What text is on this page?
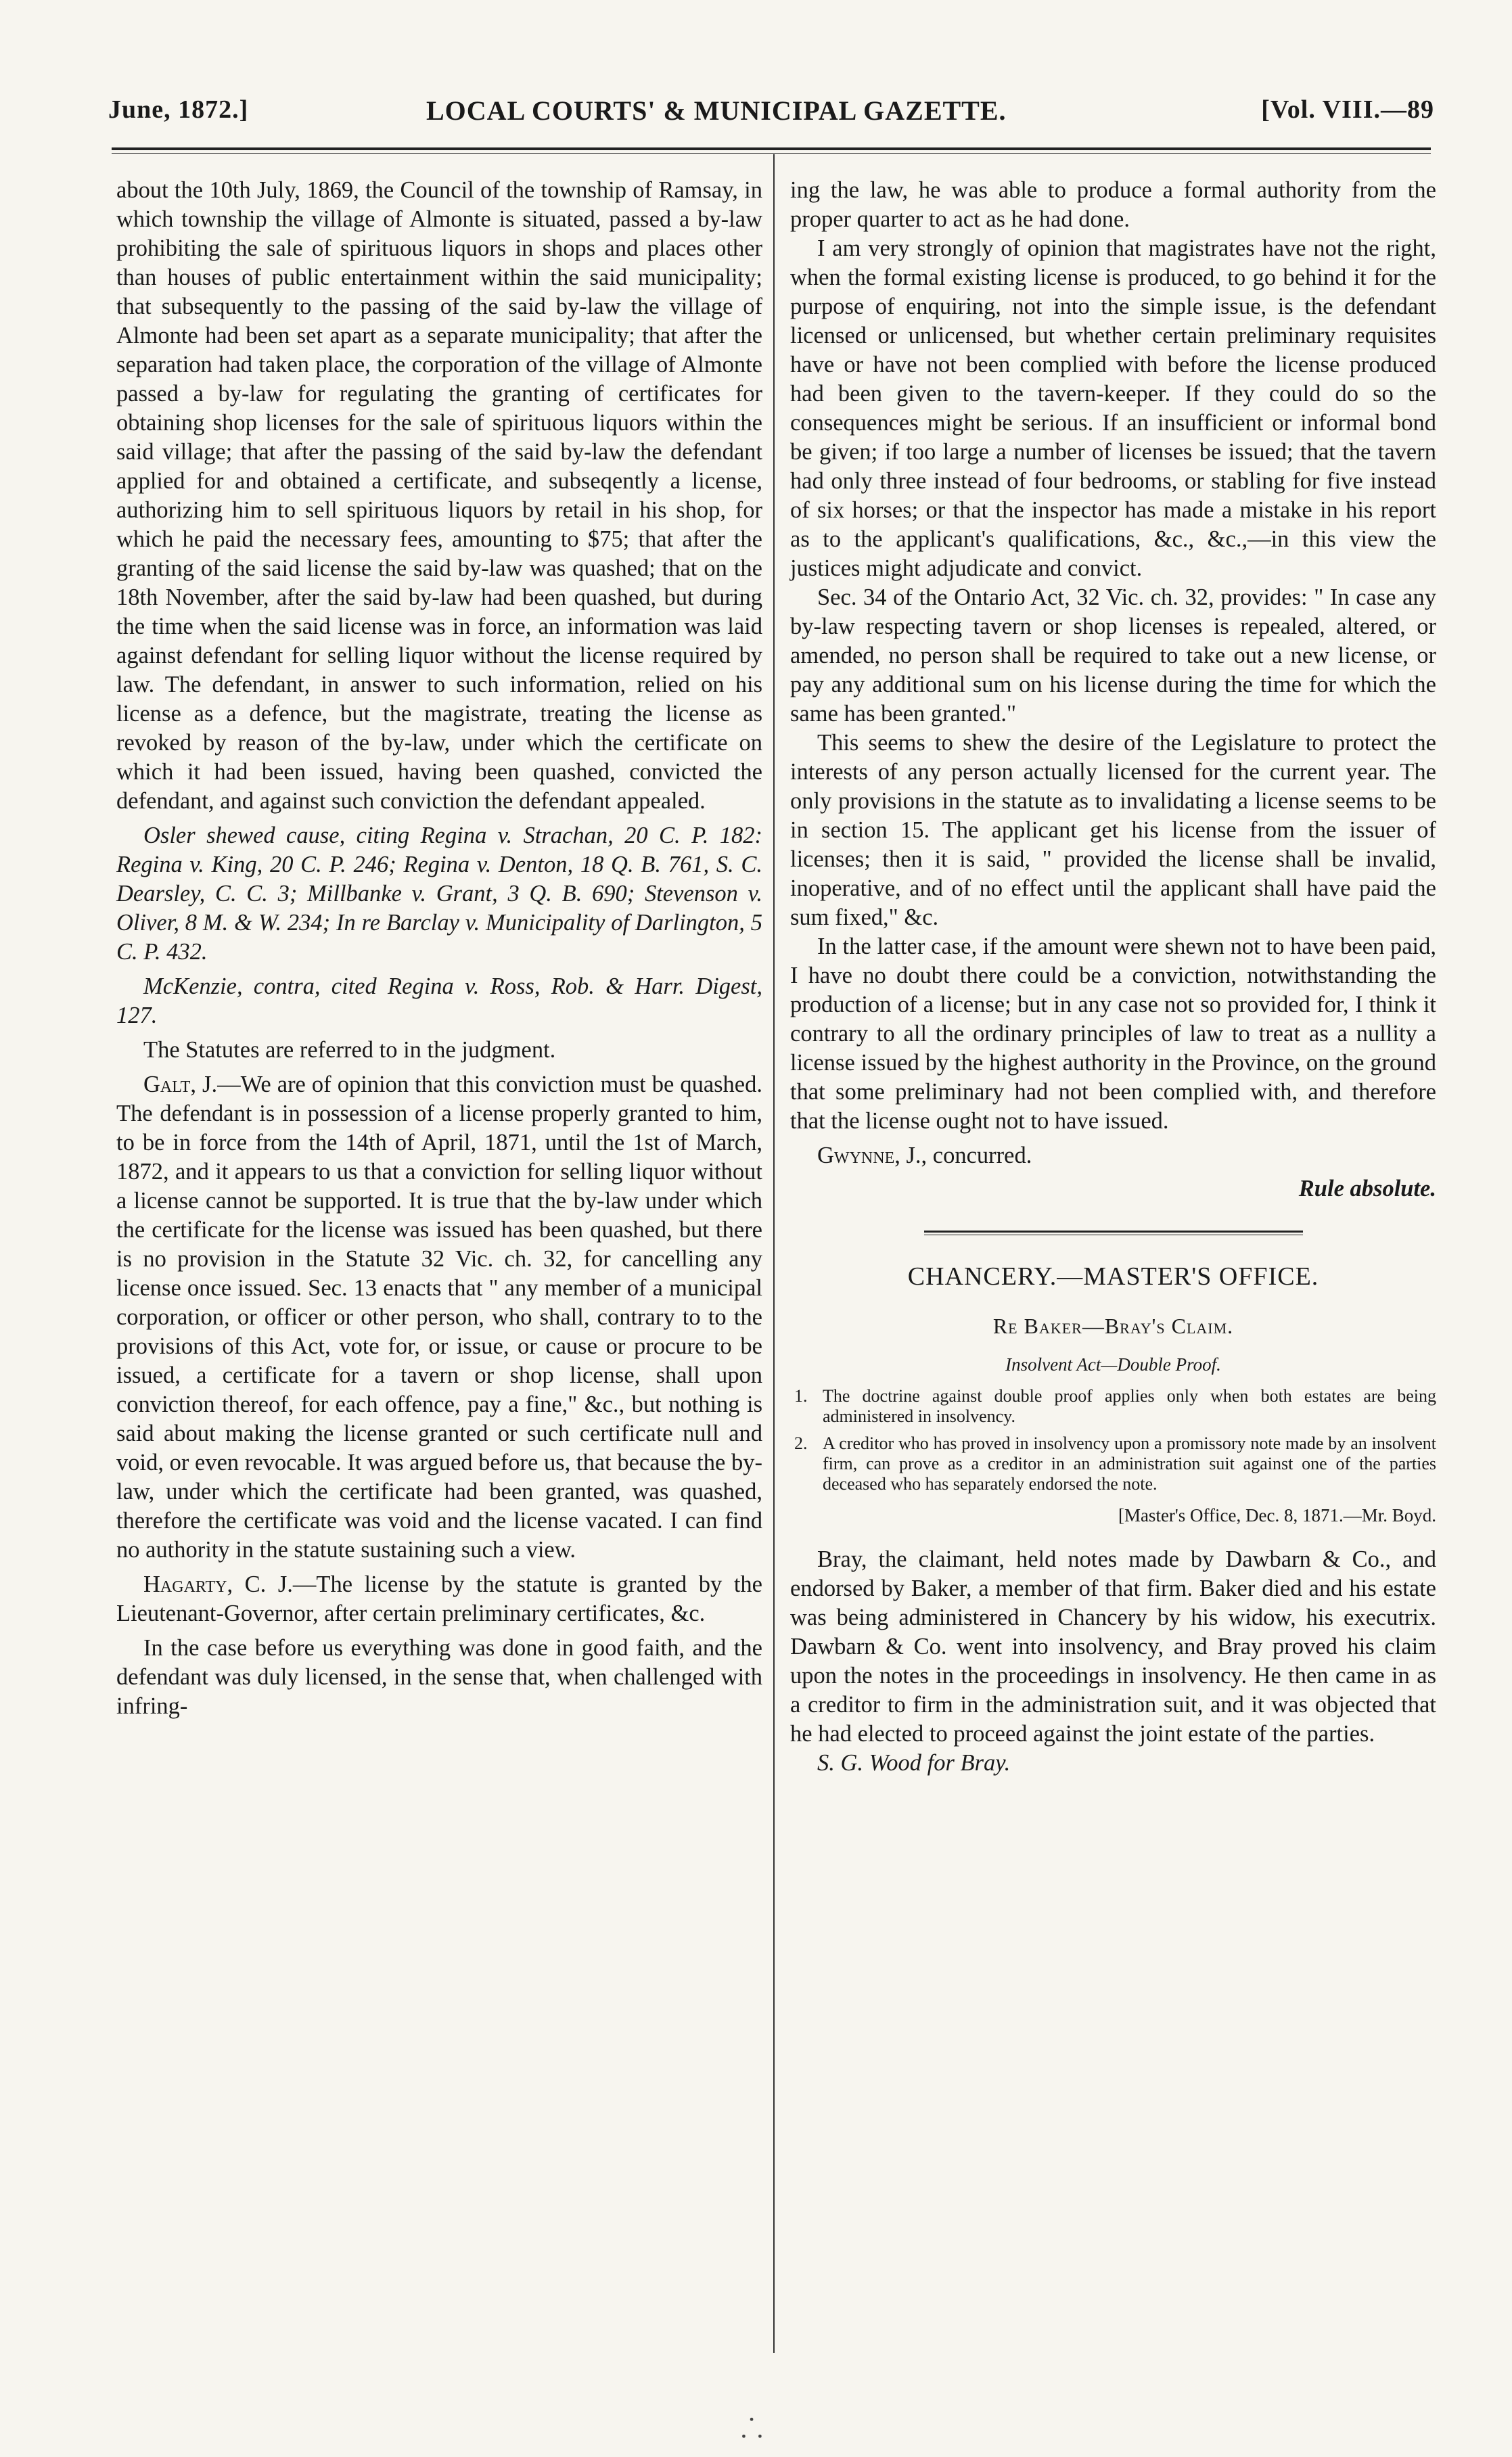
June, 1872.]	LOCAL COURTS' & MUNICIPAL GAZETTE.	[Vol. VIII.—89

about the 10th July, 1869, the Council of the township of Ramsay, in which township the village of Almonte is situated, passed a by-law prohibiting the sale of spirituous liquors in shops and places other than houses of public entertainment within the said municipality; that subsequently to the passing of the said by-law the village of Almonte had been set apart as a separate municipality; that after the separation had taken place, the corporation of the village of Almonte passed a by-law for regulating the granting of certificates for obtaining shop licenses for the sale of spirituous liquors within the said village; that after the passing of the said by-law the defendant applied for and obtained a certificate, and subseqently a license, authorizing him to sell spirituous liquors by retail in his shop, for which he paid the necessary fees, amounting to $75; that after the granting of the said license the said by-law was quashed; that on the 18th November, after the said by-law had been quashed, but during the time when the said license was in force, an information was laid against defendant for selling liquor without the license required by law. The defendant, in answer to such information, relied on his license as a defence, but the magistrate, treating the license as revoked by reason of the by-law, under which the certificate on which it had been issued, having been quashed, convicted the defendant, and against such conviction the defendant appealed.

Osler shewed cause, citing Regina v. Strachan, 20 C. P. 182: Regina v. King, 20 C. P. 246; Regina v. Denton, 18 Q. B. 761, S. C. Dearsley, C. C. 3; Millbanke v. Grant, 3 Q. B. 690; Stevenson v. Oliver, 8 M. & W. 234; In re Barclay v. Municipality of Darlington, 5 C. P. 432.

McKenzie, contra, cited Regina v. Ross, Rob. & Harr. Digest, 127.

The Statutes are referred to in the judgment.

Galt, J.—We are of opinion that this conviction must be quashed. The defendant is in possession of a license properly granted to him, to be in force from the 14th of April, 1871, until the 1st of March, 1872, and it appears to us that a conviction for selling liquor without a license cannot be supported. It is true that the by-law under which the certificate for the license was issued has been quashed, but there is no provision in the Statute 32 Vic. ch. 32, for cancelling any license once issued. Sec. 13 enacts that " any member of a municipal corporation, or officer or other person, who shall, contrary to to the provisions of this Act, vote for, or issue, or cause or procure to be issued, a certificate for a tavern or shop license, shall upon conviction thereof, for each offence, pay a fine," &c., but nothing is said about making the license granted or such certificate null and void, or even revocable. It was argued before us, that because the by-law, under which the certificate had been granted, was quashed, therefore the certificate was void and the license vacated. I can find no authority in the statute sustaining such a view.

Hagarty, C. J.—The license by the statute is granted by the Lieutenant-Governor, after certain preliminary certificates, &c.

In the case before us everything was done in good faith, and the defendant was duly licensed, in the sense that, when challenged with infring-

ing the law, he was able to produce a formal authority from the proper quarter to act as he had done.

I am very strongly of opinion that magistrates have not the right, when the formal existing license is produced, to go behind it for the purpose of enquiring, not into the simple issue, is the defendant licensed or unlicensed, but whether certain preliminary requisites have or have not been complied with before the license produced had been given to the tavern-keeper. If they could do so the consequences might be serious. If an insufficient or informal bond be given; if too large a number of licenses be issued; that the tavern had only three instead of four bedrooms, or stabling for five instead of six horses; or that the inspector has made a mistake in his report as to the applicant's qualifications, &c., &c.,—in this view the justices might adjudicate and convict.

Sec. 34 of the Ontario Act, 32 Vic. ch. 32, provides: " In case any by-law respecting tavern or shop licenses is repealed, altered, or amended, no person shall be required to take out a new license, or pay any additional sum on his license during the time for which the same has been granted."

This seems to shew the desire of the Legislature to protect the interests of any person actually licensed for the current year. The only provisions in the statute as to invalidating a license seems to be in section 15. The applicant get his license from the issuer of licenses; then it is said, " provided the license shall be invalid, inoperative, and of no effect until the applicant shall have paid the sum fixed," &c.

In the latter case, if the amount were shewn not to have been paid, I have no doubt there could be a conviction, notwithstanding the production of a license; but in any case not so provided for, I think it contrary to all the ordinary principles of law to treat as a nullity a license issued by the highest authority in the Province, on the ground that some preliminary had not been complied with, and therefore that the license ought not to have issued.

Gwynne, J., concurred.

Rule absolute.

CHANCERY.—MASTER'S OFFICE.
Re Baker—Bray's Claim.
Insolvent Act—Double Proof.
1. The doctrine against double proof applies only when both estates are being administered in insolvency.
2. A creditor who has proved in insolvency upon a promissory note made by an insolvent firm, can prove as a creditor in an administration suit against one of the parties deceased who has separately endorsed the note.
[Master's Office, Dec. 8, 1871.—Mr. Boyd.

Bray, the claimant, held notes made by Dawbarn & Co., and endorsed by Baker, a member of that firm. Baker died and his estate was being administered in Chancery by his widow, his executrix. Dawbarn & Co. went into insolvency, and Bray proved his claim upon the notes in the proceedings in insolvency. He then came in as a creditor to firm in the administration suit, and it was objected that he had elected to proceed against the joint estate of the parties.

S. G. Wood for Bray.

⸫
